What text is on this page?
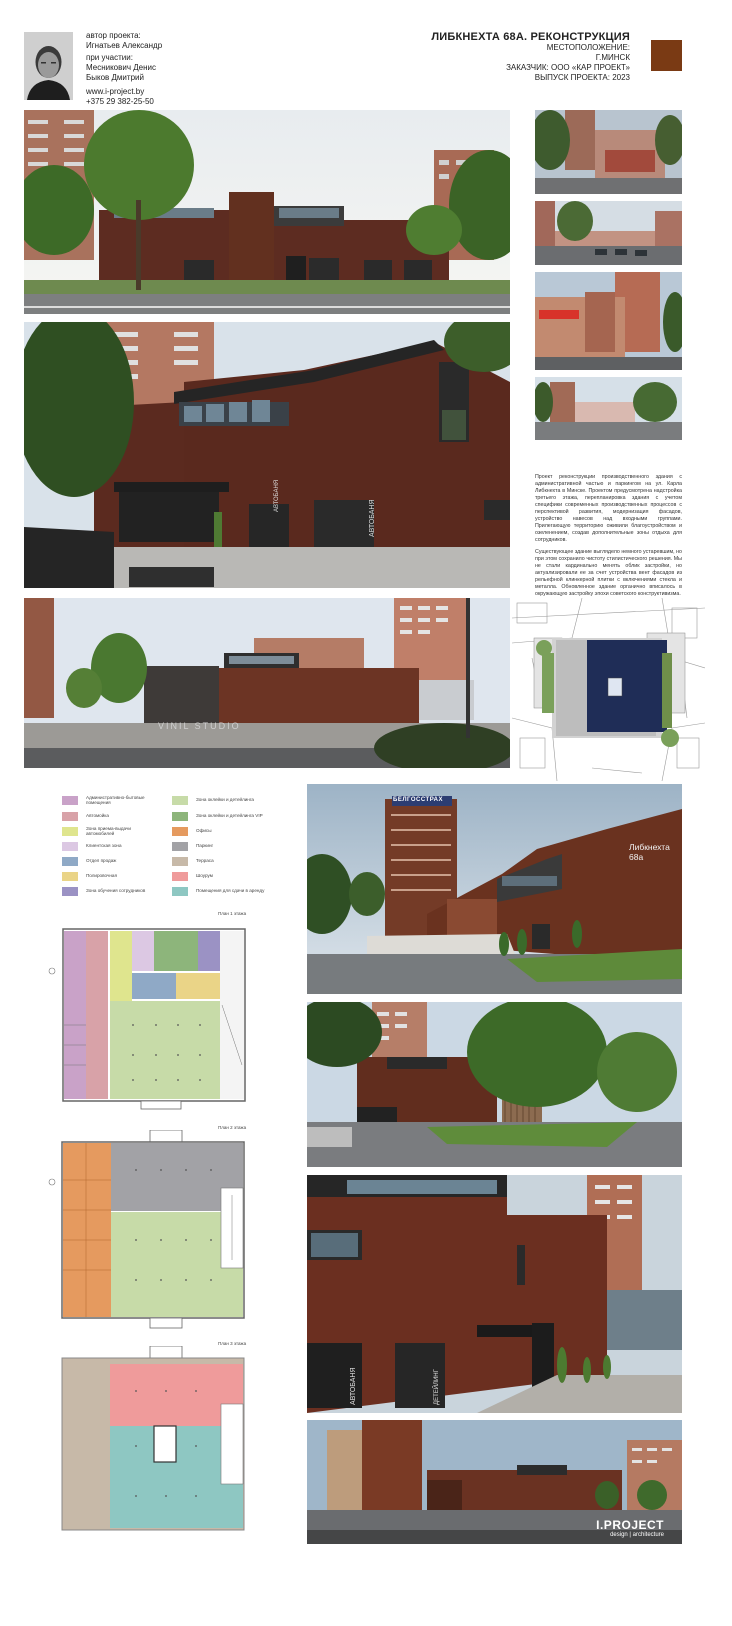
автор проекта:
Игнатьев Александр
при участии:
Месникович Денис
Быков Дмитрий
www.i-project.by
+375 29 382-25-50
ЛИБКНЕХТА 68А. РЕКОНСТРУКЦИЯ
МЕСТОПОЛОЖЕНИЕ:
Г.МИНСК
ЗАКАЗЧИК: ООО «КАР ПРОЕКТ»
ВЫПУСК ПРОЕКТА: 2023
АВТОБАНЯ
АВТОБАНЯ
Проект реконструкции производственного здания с административной частью и паркингом на ул. Карла Либкнехта в Минске. Проектом предусмотрена надстройка третьего этажа, перепланировка здания с учетом специфики современных производственных процессов с перспективой развития, модернизация фасадов, устройство навесов над входными группами. Прилегающую территорию оживили благоустройством и озеленением, создав дополнительные зоны отдыха для сотрудников.
Существующее здание выглядело немного устаревшим, но при этом сохранило чистоту стилистического решения. Мы не стали кардинально менять облик застройки, но актуализировали ее за счет устройства вент фасадов из рельефной клинкерной плитки с включениями стекла и металла. Обновленное здание органично вписалось в окружающую застройку эпохи советского конструктивизма.
VINIL STUDIO
Административно-бытовые помещения
Автомойка
Зона приема-выдачи автомобилей
Клиентская зона
Отдел продаж
Полировочная
Зона обучения сотрудников
Зона оклейки и детейлинга
Зона оклейки и детейлинга VIP
Офисы
Паркинг
Терраса
Шоурум
Помещения для сдачи в аренду
План 1 этажа
План 2 этажа
План 3 этажа
БЕЛГОССТРАХ
Либкнехта 68а
АВТОБАНЯ	ДЕТЕЙЛИНГ
I.PROJECT
design | architecture
